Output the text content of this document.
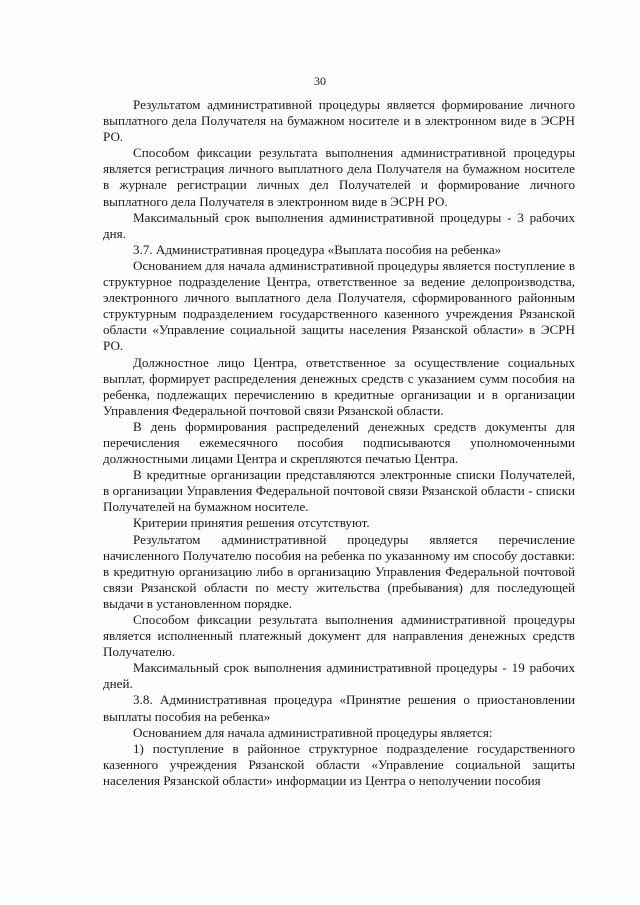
30

Результатом административной процедуры является формирование личного выплатного дела Получателя на бумажном носителе и в электронном виде в ЭСРН РО.

Способом фиксации результата выполнения административной процедуры является регистрация личного выплатного дела Получателя на бумажном носителе в журнале регистрации личных дел Получателей и формирование личного выплатного дела Получателя в электронном виде в ЭСРН РО.

Максимальный срок выполнения административной процедуры - 3 рабочих дня.

3.7. Административная процедура «Выплата пособия на ребенка»

Основанием для начала административной процедуры является поступление в структурное подразделение Центра, ответственное за ведение делопроизводства, электронного личного выплатного дела Получателя, сформированного районным структурным подразделением государственного казенного учреждения Рязанской области «Управление социальной защиты населения Рязанской области» в ЭСРН РО.

Должностное лицо Центра, ответственное за осуществление социальных выплат, формирует распределения денежных средств с указанием сумм пособия на ребенка, подлежащих перечислению в кредитные организации и в организации Управления Федеральной почтовой связи Рязанской области.

В день формирования распределений денежных средств документы для перечисления ежемесячного пособия подписываются уполномоченными должностными лицами Центра и скрепляются печатью Центра.

В кредитные организации представляются электронные списки Получателей, в организации Управления Федеральной почтовой связи Рязанской области - списки Получателей на бумажном носителе.

Критерии принятия решения отсутствуют.

Результатом административной процедуры является перечисление начисленного Получателю пособия на ребенка по указанному им способу доставки: в кредитную организацию либо в организацию Управления Федеральной почтовой связи Рязанской области по месту жительства (пребывания) для последующей выдачи в установленном порядке.

Способом фиксации результата выполнения административной процедуры является исполненный платежный документ для направления денежных средств Получателю.

Максимальный срок выполнения административной процедуры - 19 рабочих дней.

3.8. Административная процедура «Принятие решения о приостановлении выплаты пособия на ребенка»

Основанием для начала административной процедуры является:

1) поступление в районное структурное подразделение государственного казенного учреждения Рязанской области «Управление социальной защиты населения Рязанской области» информации из Центра о неполучении пособия
